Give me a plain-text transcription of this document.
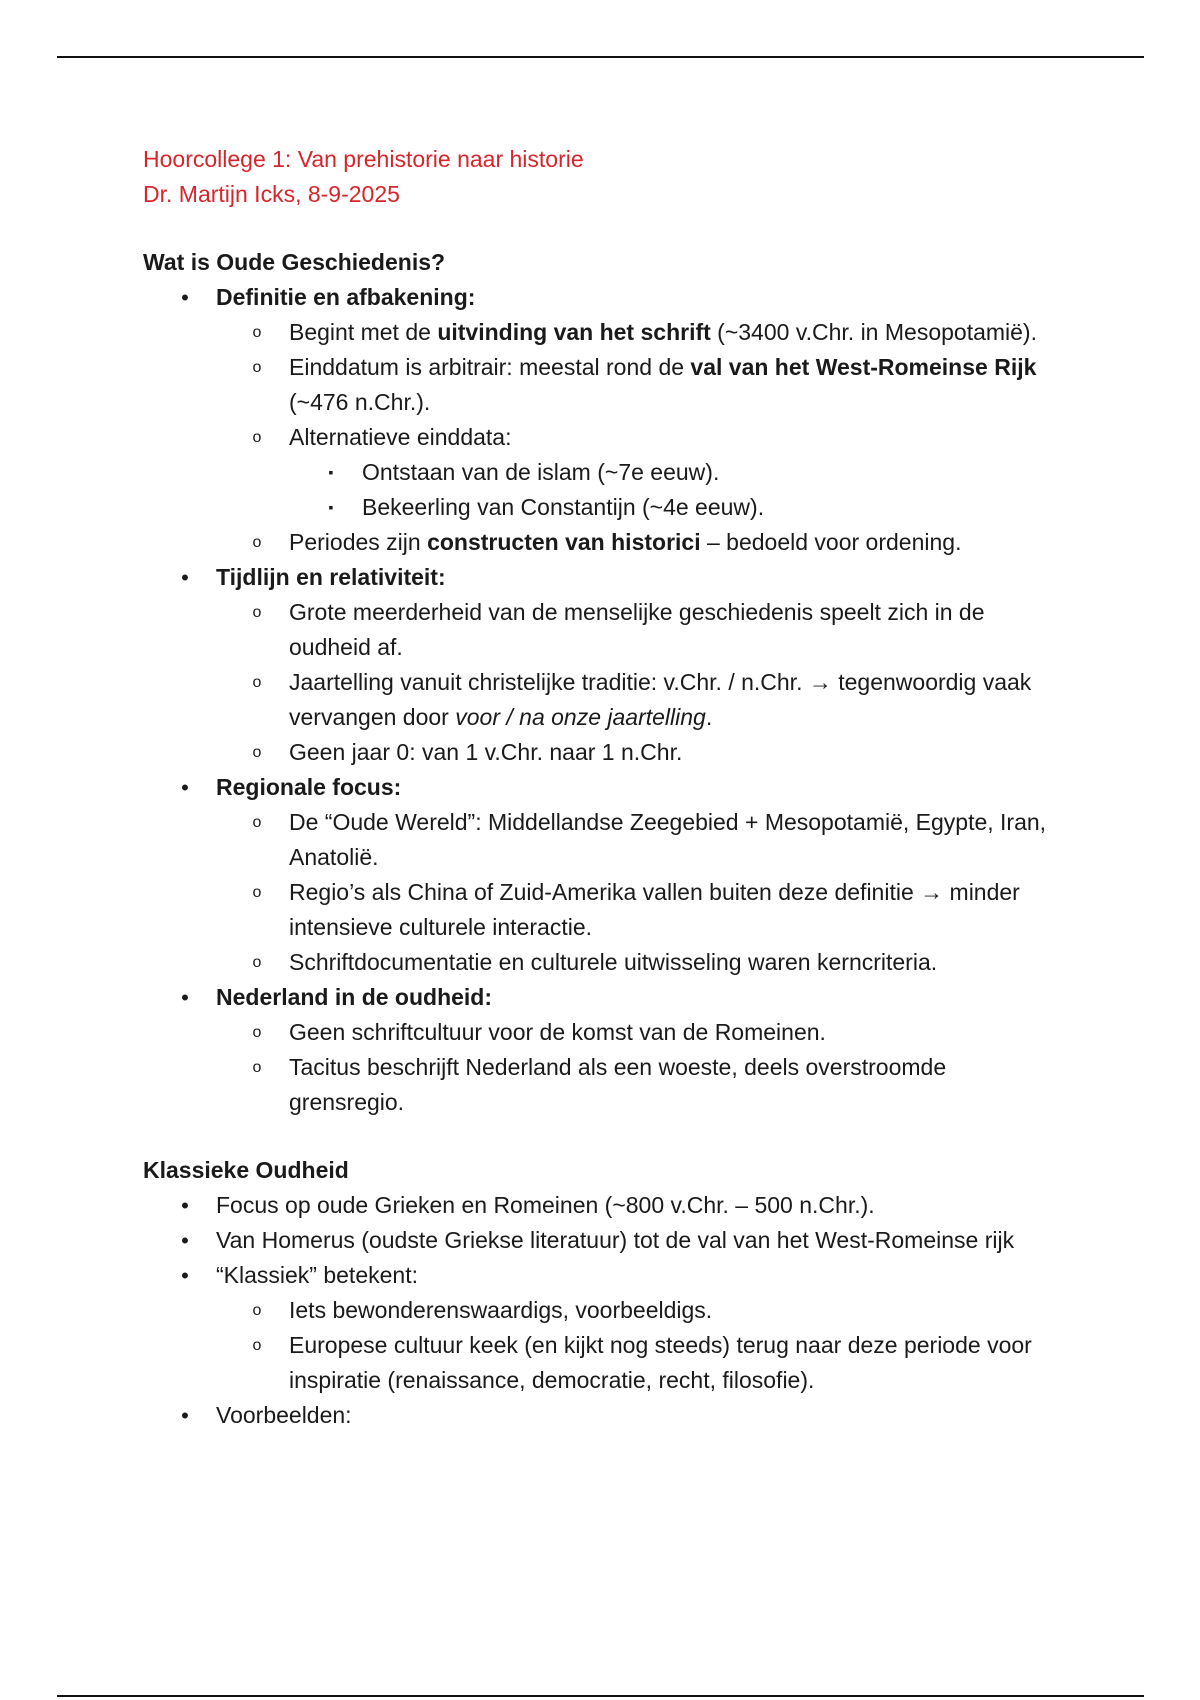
Hoorcollege 1: Van prehistorie naar historie
Dr. Martijn Icks, 8-9-2025
Wat is Oude Geschiedenis?
• Definitie en afbakening:
o Begint met de uitvinding van het schrift (~3400 v.Chr. in Mesopotamië).
o Einddatum is arbitrair: meestal rond de val van het West-Romeinse Rijk (~476 n.Chr.).
o Alternatieve einddata:
▪	Ontstaan van de islam (~7e eeuw).
▪	Bekeerling van Constantijn (~4e eeuw).
o Periodes zijn constructen van historici – bedoeld voor ordening.
• Tijdlijn en relativiteit:
o Grote meerderheid van de menselijke geschiedenis speelt zich in de oudheid af.
o Jaartelling vanuit christelijke traditie: v.Chr. / n.Chr. → tegenwoordig vaak vervangen door voor / na onze jaartelling.
o Geen jaar 0: van 1 v.Chr. naar 1 n.Chr.
• Regionale focus:
o De “Oude Wereld”: Middellandse Zeegebied + Mesopotamië, Egypte, Iran, Anatolië.
o Regio’s als China of Zuid-Amerika vallen buiten deze definitie → minder intensieve culturele interactie.
o Schriftdocumentatie en culturele uitwisseling waren kerncriteria.
• Nederland in de oudheid:
o Geen schriftcultuur voor de komst van de Romeinen.
o Tacitus beschrijft Nederland als een woeste, deels overstroomde grensregio.
Klassieke Oudheid
• Focus op oude Grieken en Romeinen (~800 v.Chr. – 500 n.Chr.).
• Van Homerus (oudste Griekse literatuur) tot de val van het West-Romeinse rijk
• “Klassiek” betekent:
o Iets bewonderenswaardigs, voorbeeldigs.
o Europese cultuur keek (en kijkt nog steeds) terug naar deze periode voor inspiratie (renaissance, democratie, recht, filosofie).
• Voorbeelden:
